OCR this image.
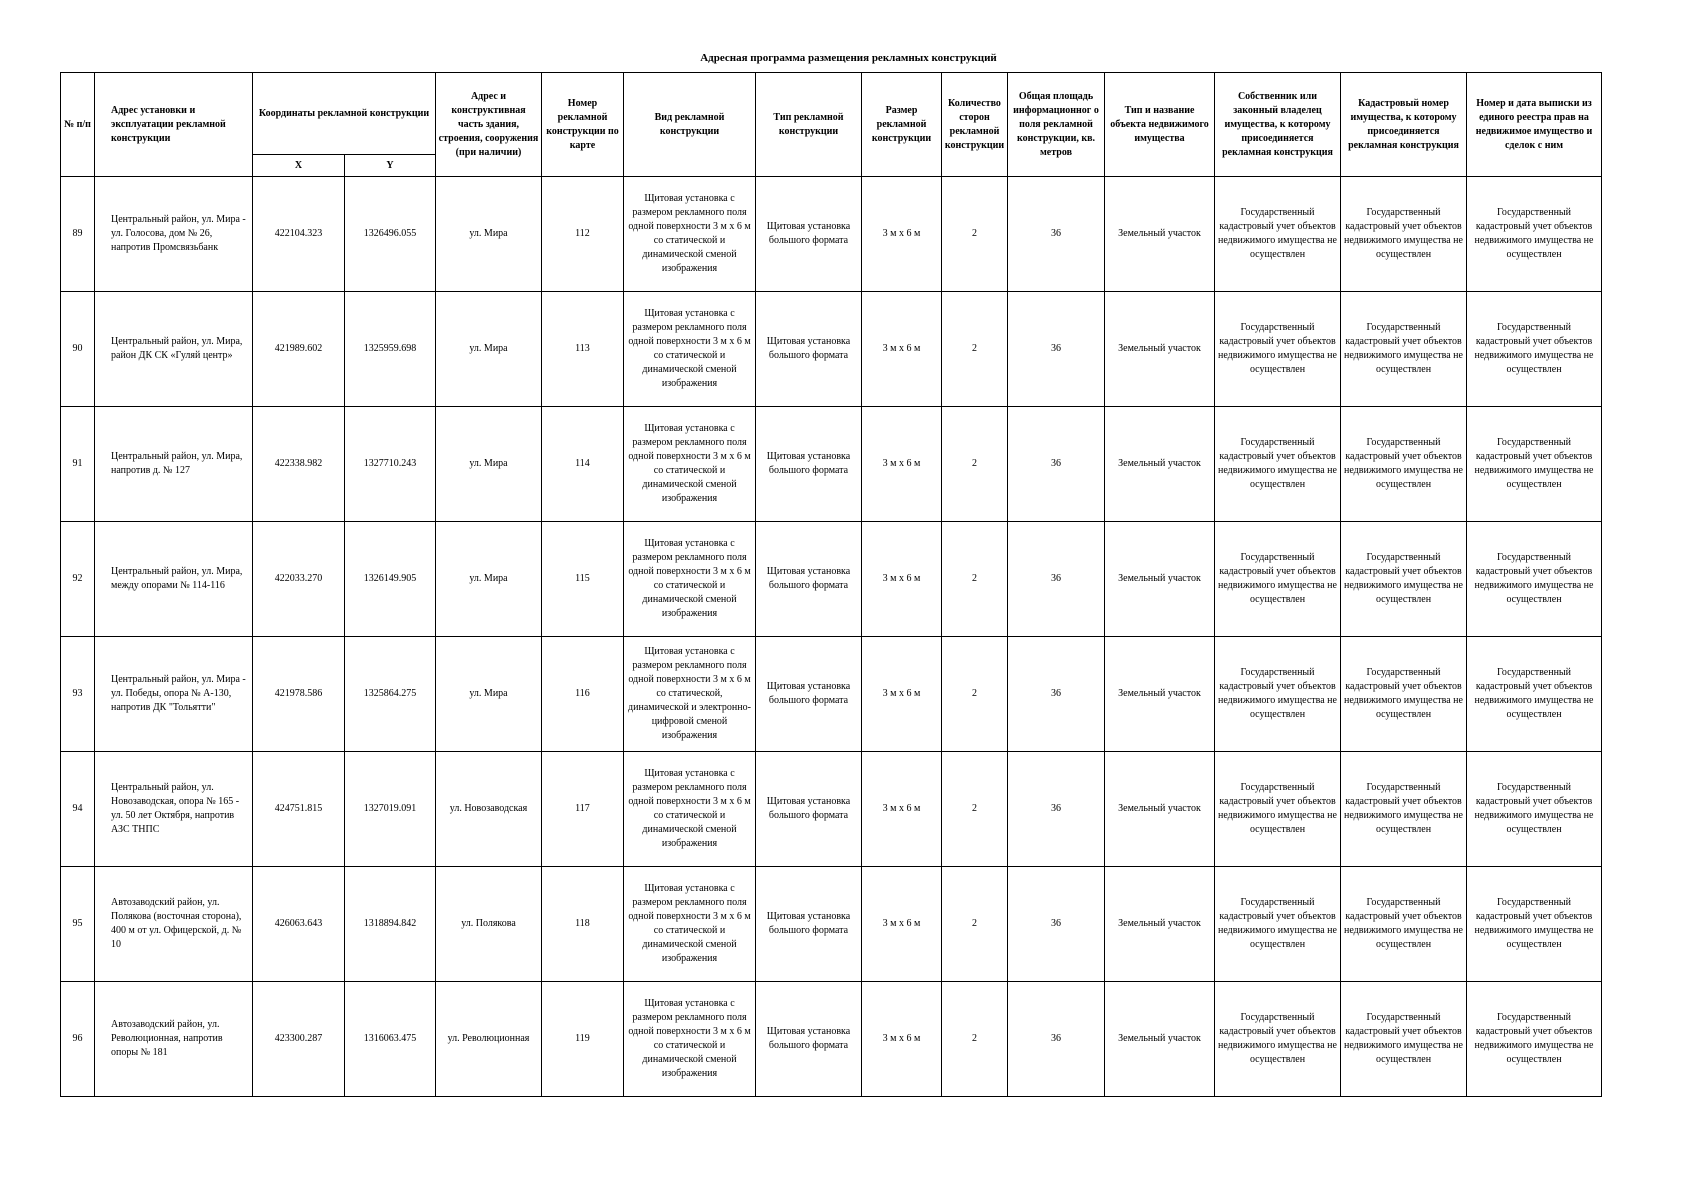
Адресная программа размещения рекламных конструкций
№ п/п	Адрес установки и эксплуатации рекламной конструкции	Координаты рекламной конструкции		Адрес и конструктивная часть здания, строения, сооружения (при наличии)	Номер рекламной конструкции по карте	Вид рекламной конструкции	Тип рекламной конструкции	Размер рекламной конструкции	Количество сторон рекламной конструкции	Общая площадь информационног о поля рекламной конструкции, кв. метров	Тип и название объекта недвижимого имущества	Собственник или законный владелец имущества, к которому присоединяется рекламная конструкция	Кадастровый номер имущества, к которому присоединяется рекламная конструкция	Номер и дата выписки из единого реестра прав на недвижимое имущество и сделок с ним
		X	Y											
89	Центральный район, ул. Мира - ул. Голосова, дом № 26, напротив Промсвязьбанк	422104.323	1326496.055	ул. Мира	112	Щитовая установка с размером рекламного поля одной поверхности 3 м х 6 м со статической и динамической сменой изображения	Щитовая установка большого формата	3 м х 6 м	2	36	Земельный участок	Государственный кадастровый учет объектов недвижимого имущества не осуществлен	Государственный кадастровый учет объектов недвижимого имущества не осуществлен	Государственный кадастровый учет объектов недвижимого имущества не осуществлен
90	Центральный район, ул. Мира, район ДК СК «Гуляй центр»	421989.602	1325959.698	ул. Мира	113	Щитовая установка с размером рекламного поля одной поверхности 3 м х 6 м со статической и динамической сменой изображения	Щитовая установка большого формата	3 м х 6 м	2	36	Земельный участок	Государственный кадастровый учет объектов недвижимого имущества не осуществлен	Государственный кадастровый учет объектов недвижимого имущества не осуществлен	Государственный кадастровый учет объектов недвижимого имущества не осуществлен
91	Центральный район, ул. Мира, напротив д. № 127	422338.982	1327710.243	ул. Мира	114	Щитовая установка с размером рекламного поля одной поверхности 3 м х 6 м со статической и динамической сменой изображения	Щитовая установка большого формата	3 м х 6 м	2	36	Земельный участок	Государственный кадастровый учет объектов недвижимого имущества не осуществлен	Государственный кадастровый учет объектов недвижимого имущества не осуществлен	Государственный кадастровый учет объектов недвижимого имущества не осуществлен
92	Центральный район, ул. Мира, между опорами № 114-116	422033.270	1326149.905	ул. Мира	115	Щитовая установка с размером рекламного поля одной поверхности 3 м х 6 м со статической и динамической сменой изображения	Щитовая установка большого формата	3 м х 6 м	2	36	Земельный участок	Государственный кадастровый учет объектов недвижимого имущества не осуществлен	Государственный кадастровый учет объектов недвижимого имущества не осуществлен	Государственный кадастровый учет объектов недвижимого имущества не осуществлен
93	Центральный район, ул. Мира - ул. Победы, опора № А-130, напротив ДК "Тольятти"	421978.586	1325864.275	ул. Мира	116	Щитовая установка с размером рекламного поля одной поверхности 3 м х 6 м со статической, динамической и электронно-цифровой сменой изображения	Щитовая установка большого формата	3 м х 6 м	2	36	Земельный участок	Государственный кадастровый учет объектов недвижимого имущества не осуществлен	Государственный кадастровый учет объектов недвижимого имущества не осуществлен	Государственный кадастровый учет объектов недвижимого имущества не осуществлен
94	Центральный район, ул. Новозаводская, опора № 165 - ул. 50 лет Октября, напротив АЗС ТНПС	424751.815	1327019.091	ул. Новозаводская	117	Щитовая установка с размером рекламного поля одной поверхности 3 м х 6 м со статической и динамической сменой изображения	Щитовая установка большого формата	3 м х 6 м	2	36	Земельный участок	Государственный кадастровый учет объектов недвижимого имущества не осуществлен	Государственный кадастровый учет объектов недвижимого имущества не осуществлен	Государственный кадастровый учет объектов недвижимого имущества не осуществлен
95	Автозаводский район, ул. Полякова (восточная сторона), 400 м от ул. Офицерской, д. № 10	426063.643	1318894.842	ул. Полякова	118	Щитовая установка с размером рекламного поля одной поверхности 3 м х 6 м со статической и динамической сменой изображения	Щитовая установка большого формата	3 м х 6 м	2	36	Земельный участок	Государственный кадастровый учет объектов недвижимого имущества не осуществлен	Государственный кадастровый учет объектов недвижимого имущества не осуществлен	Государственный кадастровый учет объектов недвижимого имущества не осуществлен
96	Автозаводский район, ул. Революционная, напротив опоры № 181	423300.287	1316063.475	ул. Революционная	119	Щитовая установка с размером рекламного поля одной поверхности 3 м х 6 м со статической и динамической сменой изображения	Щитовая установка большого формата	3 м х 6 м	2	36	Земельный участок	Государственный кадастровый учет объектов недвижимого имущества не осуществлен	Государственный кадастровый учет объектов недвижимого имущества не осуществлен	Государственный кадастровый учет объектов недвижимого имущества не осуществлен
